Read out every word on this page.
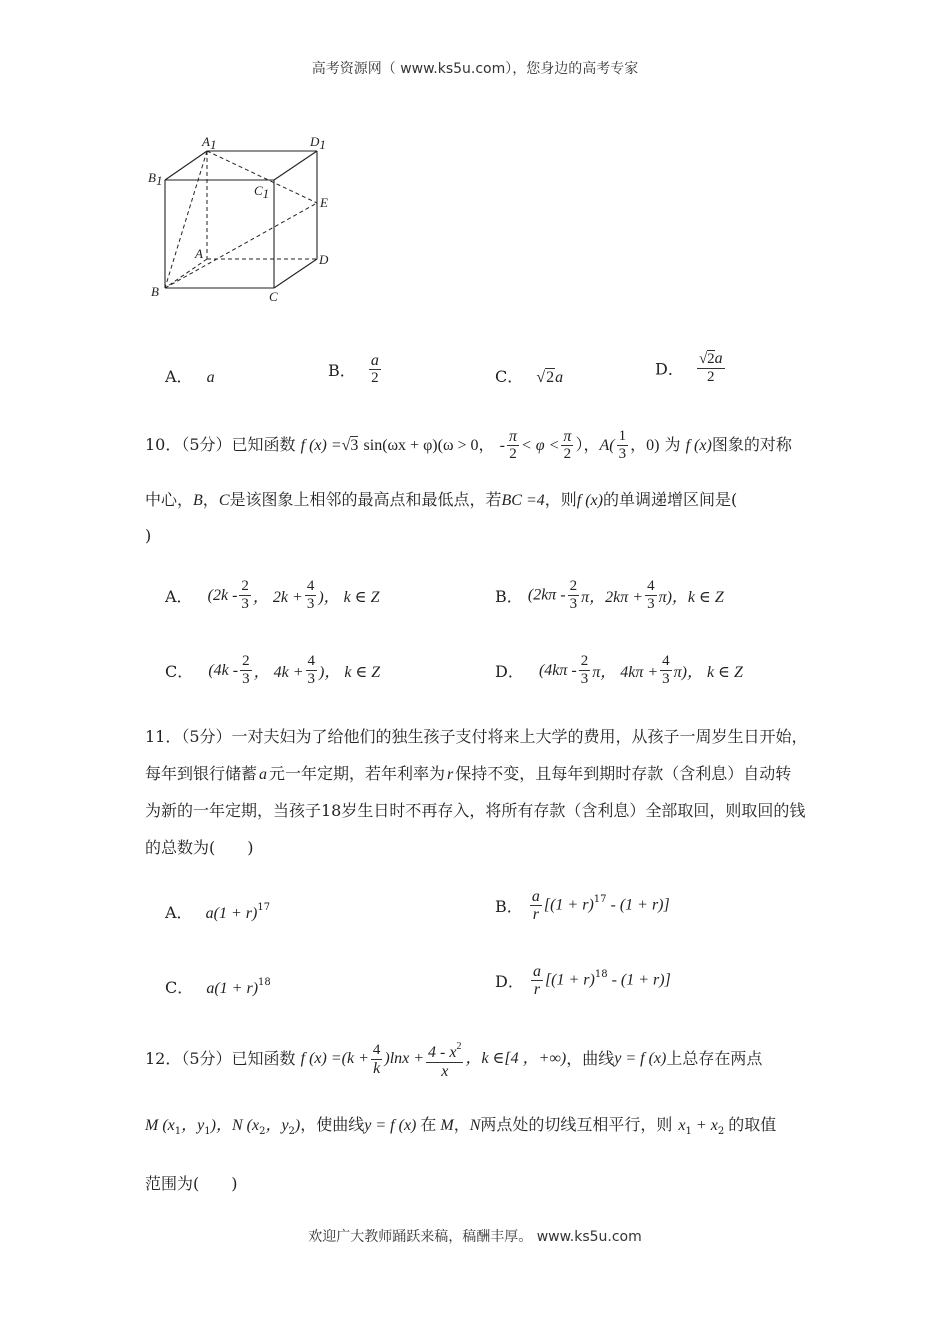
高考资源网（ www.ks5u.com），您身边的高考专家
A1	D1
B1
C1
E
A	D
B	C
A． a	B． $\frac{a}{2}$	C． √2a	D． $\frac{√2a}{2}$
10．（5分）已知函数 f (x) =√3 sin(ωx + φ)(ω > 0， - $\frac{\pi}{2} < \varphi < \frac{\pi}{2}$ ），$A( \frac{1}{3}$ ，0) 为 f (x)图象的对称
中心，B，C是该图象上相邻的最高点和最低点，若BC =4，则f (x)的单调递增区间是(
)
A． ($2k - \frac{2}{3}$ ， $2k + \frac{4}{3}$ )， k ∈ Z	B． ($2k\pi - \frac{2}{3}$ π，$2k\pi + \frac{4}{3} \pi$)，k ∈ Z
C． ($4k - \frac{2}{3}$ ， $4k + \frac{4}{3}$ )， k ∈ Z	D． ($4k\pi - \frac{2}{3}$ π， $4k\pi + \frac{4}{3} \pi$)， k ∈ Z
11．（5分）一对夫妇为了给他们的独生孩子支付将来上大学的费用，从孩子一周岁生日开始，
每年到银行储蓄 a 元一年定期，若年利率为 r 保持不变，且每年到期时存款（含利息）自动转
为新的一年定期，当孩子18岁生日时不再存入，将所有存款（含利息）全部取回，则取回的钱
的总数为(　　)
A． $a(1 + r)^{17}$	B． $\frac{a}{r} [(1 + r)^{17} - (1 + r)]$
C． $a(1 + r)^{18}$	D． $\frac{a}{r} [(1 + r)^{18} - (1 + r)]$
12．（5分）已知函数 f $(x) =(k + \frac{4}{k} )\ln x + \frac{4 - x^2}{x}$ ，k ∈[4 ，+∞)，曲线y = f (x)上总存在两点
M ($x_1$，$y_1$)，N ($x_2$，$y_2$)，使曲线y = f (x) 在 M，N两点处的切线互相平行，则 $x_1 + x_2$ 的取值
范围为(　　)
欢迎广大教师踊跃来稿，稿酬丰厚。 www.ks5u.com
